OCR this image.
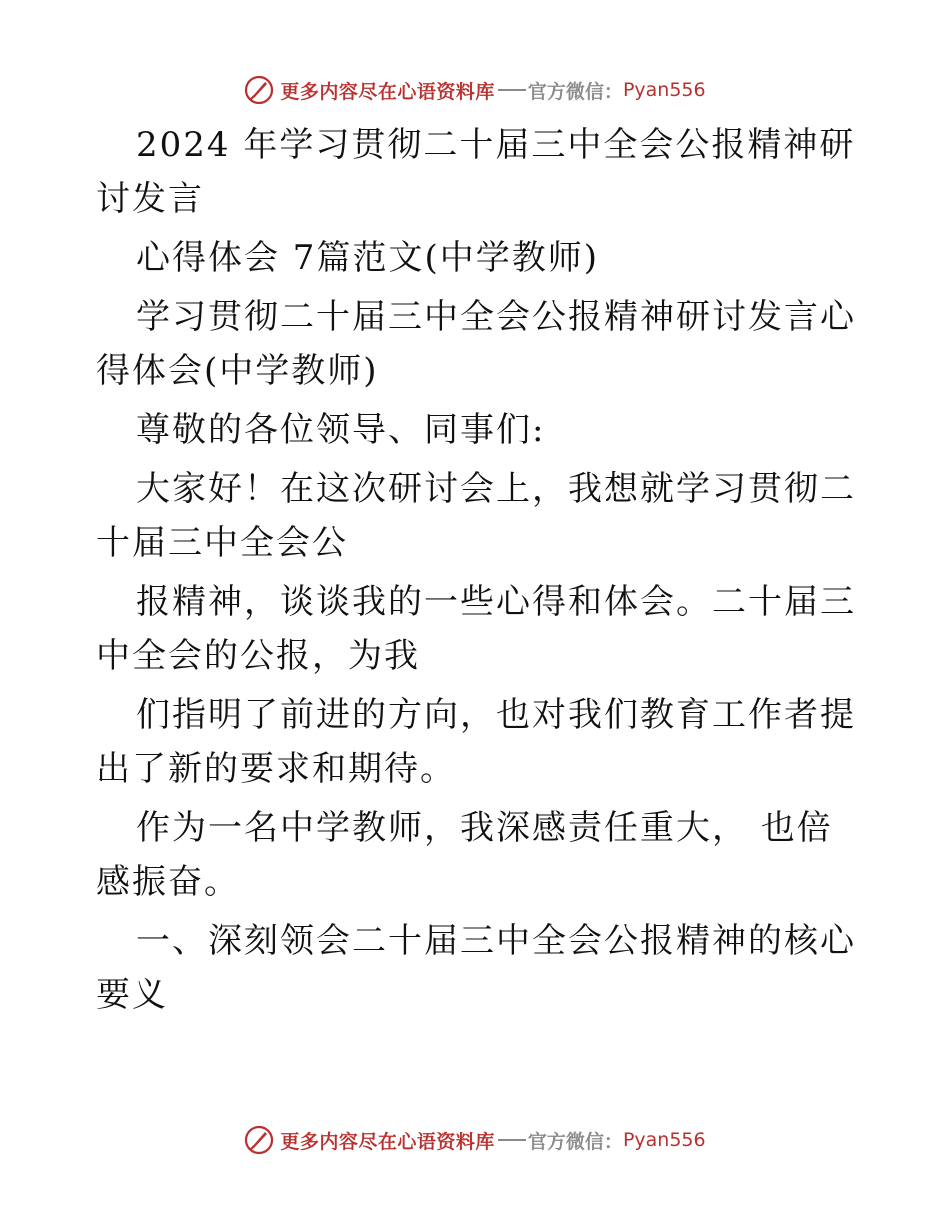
更多内容尽在心语资料库 官方微信： Pyan556

2024 年学习贯彻二十届三中全会公报精神研讨发言

心得体会 7篇范文(中学教师)

学习贯彻二十届三中全会公报精神研讨发言心得体会(中学教师)

尊敬的各位领导、同事们:

大家好！在这次研讨会上，我想就学习贯彻二十届三中全会公

报精神，谈谈我的一些心得和体会。二十届三中全会的公报，为我

们指明了前进的方向，也对我们教育工作者提出了新的要求和期待。

作为一名中学教师，我深感责任重大， 也倍感振奋。

一、深刻领会二十届三中全会公报精神的核心要义

更多内容尽在心语资料库 官方微信： Pyan556
